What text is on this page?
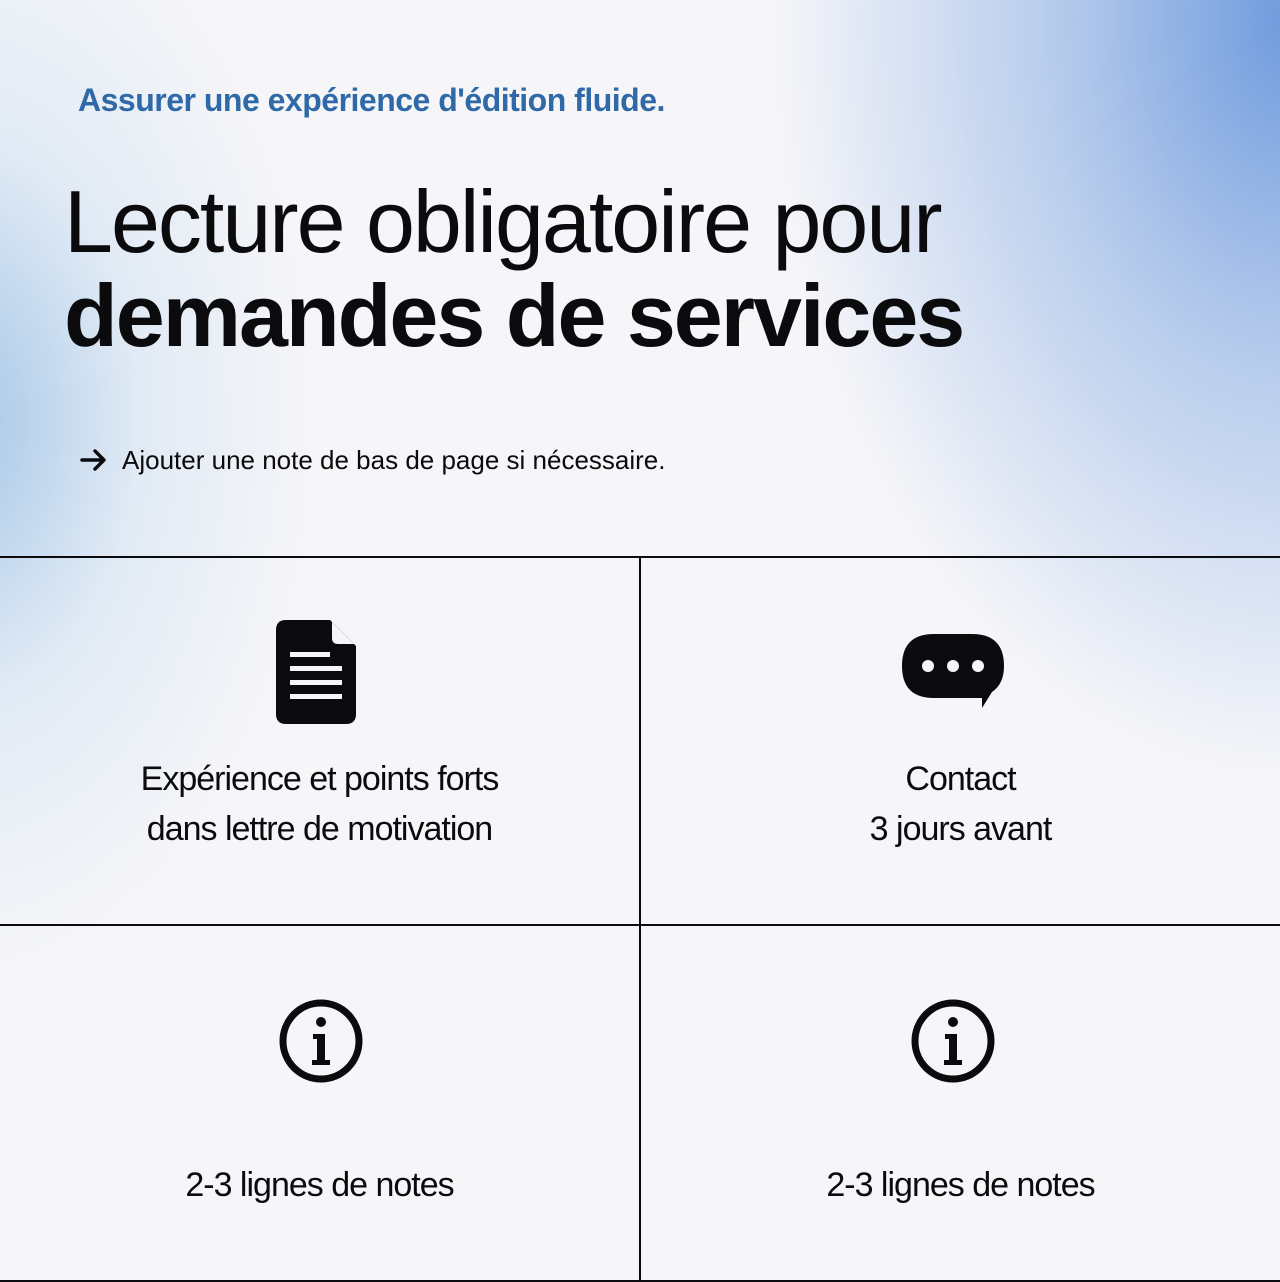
Assurer une expérience d'édition fluide.
Lecture obligatoire pour
demandes de services
Ajouter une note de bas de page si nécessaire.
Expérience et points forts
dans lettre de motivation
Contact
3 jours avant
2-3 lignes de notes	2-3 lignes de notes
